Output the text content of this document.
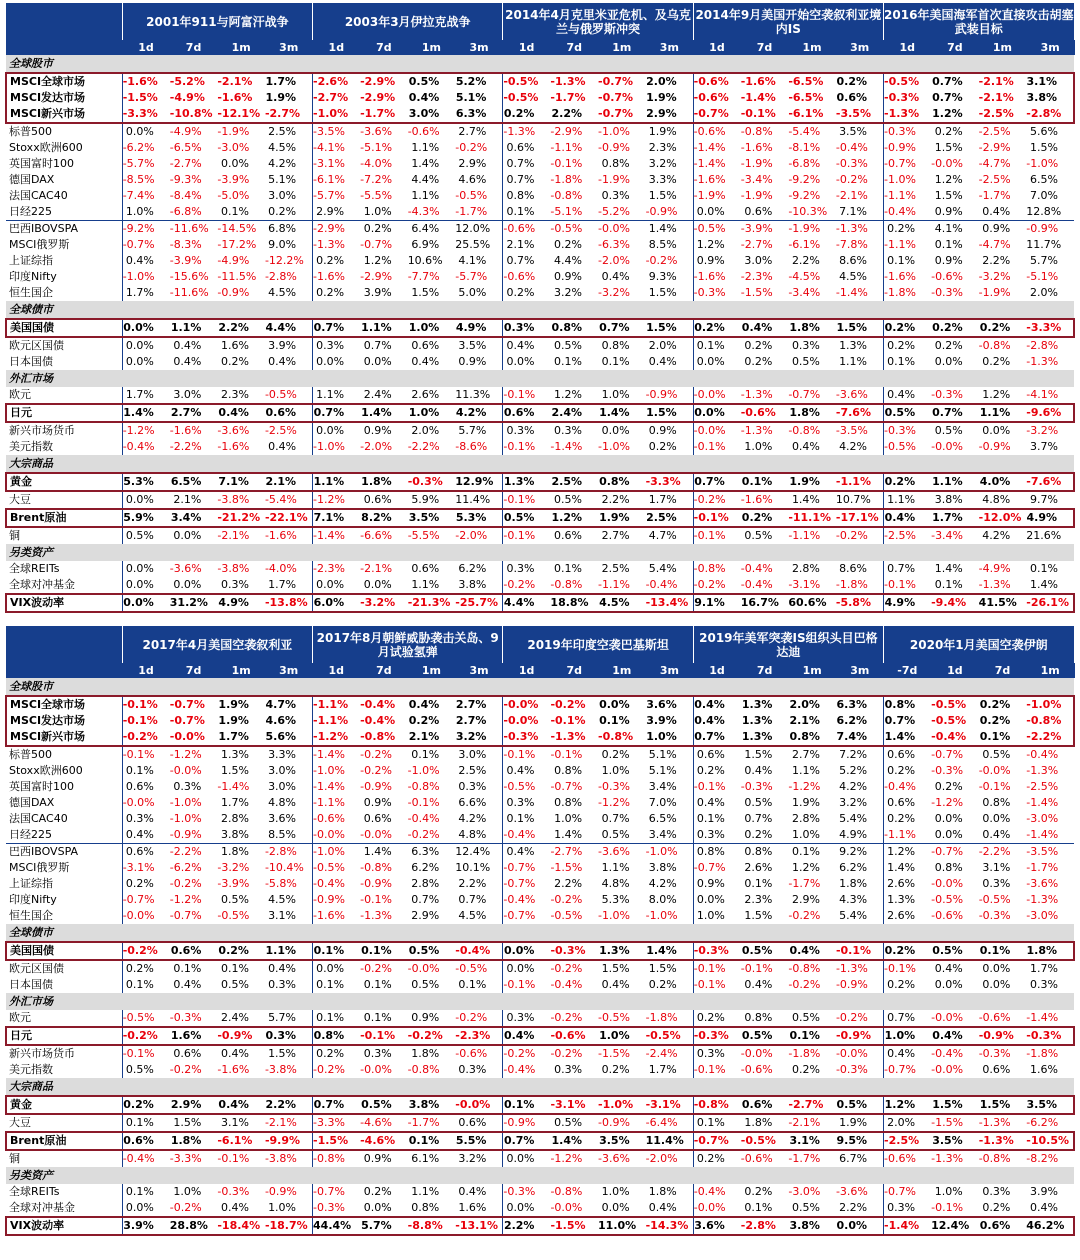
	2001年911与阿富汗战争				2003年3月伊拉克战争				2014年4月克里米亚危机、及乌克兰与俄罗斯冲突				2014年9月美国开始空袭叙利亚境内IS				2016年美国海军首次直接攻击胡塞武装目标			
	1d	7d	1m	3m	1d	7d	1m	3m	1d	7d	1m	3m	1d	7d	1m	3m	1d	7d	1m	3m
全球股市																				
MSCI全球市场	-1.6%	-5.2%	-2.1%	1.7%	-2.6%	-2.9%	0.5%	5.2%	-0.5%	-1.3%	-0.7%	2.0%	-0.6%	-1.6%	-6.5%	0.2%	-0.5%	0.7%	-2.1%	3.1%
MSCI发达市场	-1.5%	-4.9%	-1.6%	1.9%	-2.7%	-2.9%	0.4%	5.1%	-0.5%	-1.7%	-0.7%	1.9%	-0.6%	-1.4%	-6.5%	0.6%	-0.3%	0.7%	-2.1%	3.8%
MSCI新兴市场	-3.3%	-10.8%	-12.1%	-2.7%	-1.0%	-1.7%	3.0%	6.3%	0.2%	2.2%	-0.7%	2.9%	-0.7%	-0.1%	-6.1%	-3.5%	-1.3%	1.2%	-2.5%	-2.8%
标普500	0.0%	-4.9%	-1.9%	2.5%	-3.5%	-3.6%	-0.6%	2.7%	-1.3%	-2.9%	-1.0%	1.9%	-0.6%	-0.8%	-5.4%	3.5%	-0.3%	0.2%	-2.5%	5.6%
Stoxx欧洲600	-6.2%	-6.5%	-3.0%	4.5%	-4.1%	-5.1%	1.1%	-0.2%	0.6%	-1.1%	-0.9%	2.3%	-1.4%	-1.6%	-8.1%	-0.4%	-0.9%	1.5%	-2.9%	1.5%
英国富时100	-5.7%	-2.7%	0.0%	4.2%	-3.1%	-4.0%	1.4%	2.9%	0.7%	-0.1%	0.8%	3.2%	-1.4%	-1.9%	-6.8%	-0.3%	-0.7%	-0.0%	-4.7%	-1.0%
德国DAX	-8.5%	-9.3%	-3.9%	5.1%	-6.1%	-7.2%	4.4%	4.6%	0.7%	-1.8%	-1.9%	3.3%	-1.6%	-3.4%	-9.2%	-0.2%	-1.0%	1.2%	-2.5%	6.5%
法国CAC40	-7.4%	-8.4%	-5.0%	3.0%	-5.7%	-5.5%	1.1%	-0.5%	0.8%	-0.8%	0.3%	1.5%	-1.9%	-1.9%	-9.2%	-2.1%	-1.1%	1.5%	-1.7%	7.0%
日经225	1.0%	-6.8%	0.1%	0.2%	2.9%	1.0%	-4.3%	-1.7%	0.1%	-5.1%	-5.2%	-0.9%	0.0%	0.6%	-10.3%	7.1%	-0.4%	0.9%	0.4%	12.8%
巴西IBOVSPA	-9.2%	-11.6%	-14.5%	6.8%	-2.9%	0.2%	6.4%	12.0%	-0.6%	-0.5%	-0.0%	1.4%	-0.5%	-3.9%	-1.9%	-1.3%	0.2%	4.1%	0.9%	-0.9%
MSCI俄罗斯	-0.7%	-8.3%	-17.2%	9.0%	-1.3%	-0.7%	6.9%	25.5%	2.1%	0.2%	-6.3%	8.5%	1.2%	-2.7%	-6.1%	-7.8%	-1.1%	0.1%	-4.7%	11.7%
上证综指	0.4%	-3.9%	-4.9%	-12.2%	0.2%	1.2%	10.6%	4.1%	0.7%	4.4%	-2.0%	-0.2%	0.9%	3.0%	2.2%	8.6%	0.1%	0.9%	2.2%	5.7%
印度Nifty	-1.0%	-15.6%	-11.5%	-2.8%	-1.6%	-2.9%	-7.7%	-5.7%	-0.6%	0.9%	0.4%	9.3%	-1.6%	-2.3%	-4.5%	4.5%	-1.6%	-0.6%	-3.2%	-5.1%
恒生国企	1.7%	-11.6%	-0.9%	4.5%	0.2%	3.9%	1.5%	5.0%	0.2%	3.2%	-3.2%	1.5%	-0.3%	-1.5%	-3.4%	-1.4%	-1.8%	-0.3%	-1.9%	2.0%
全球债市																				
美国国债	0.0%	1.1%	2.2%	4.4%	0.7%	1.1%	1.0%	4.9%	0.3%	0.8%	0.7%	1.5%	0.2%	0.4%	1.8%	1.5%	0.2%	0.2%	0.2%	-3.3%
欧元区国债	0.0%	0.4%	1.6%	3.9%	0.3%	0.7%	0.6%	3.5%	0.4%	0.5%	0.8%	2.0%	0.1%	0.2%	0.3%	1.3%	0.2%	0.2%	-0.8%	-2.8%
日本国债	0.0%	0.4%	0.2%	0.4%	0.0%	0.0%	0.4%	0.9%	0.0%	0.1%	0.1%	0.4%	0.0%	0.2%	0.5%	1.1%	0.1%	0.0%	0.2%	-1.3%
外汇市场																				
欧元	1.7%	3.0%	2.3%	-0.5%	1.1%	2.4%	2.6%	11.3%	-0.1%	1.2%	1.0%	-0.9%	-0.0%	-1.3%	-0.7%	-3.6%	0.4%	-0.3%	1.2%	-4.1%
日元	1.4%	2.7%	0.4%	0.6%	0.7%	1.4%	1.0%	4.2%	0.6%	2.4%	1.4%	1.5%	0.0%	-0.6%	1.8%	-7.6%	0.5%	0.7%	1.1%	-9.6%
新兴市场货币	-1.2%	-1.6%	-3.6%	-2.5%	0.0%	0.9%	2.0%	5.7%	0.3%	0.3%	0.0%	0.9%	-0.0%	-1.3%	-0.8%	-3.5%	-0.3%	0.5%	0.0%	-3.2%
美元指数	-0.4%	-2.2%	-1.6%	0.4%	-1.0%	-2.0%	-2.2%	-8.6%	-0.1%	-1.4%	-1.0%	0.2%	-0.1%	1.0%	0.4%	4.2%	-0.5%	-0.0%	-0.9%	3.7%
大宗商品																				
黄金	5.3%	6.5%	7.1%	2.1%	1.1%	1.8%	-0.3%	12.9%	1.3%	2.5%	0.8%	-3.3%	0.7%	0.1%	1.9%	-1.1%	0.2%	1.1%	4.0%	-7.6%
大豆	0.0%	2.1%	-3.8%	-5.4%	-1.2%	0.6%	5.9%	11.4%	-0.1%	0.5%	2.2%	1.7%	-0.2%	-1.6%	1.4%	10.7%	1.1%	3.8%	4.8%	9.7%
Brent原油	5.9%	3.4%	-21.2%	-22.1%	7.1%	8.2%	3.5%	5.3%	0.5%	1.2%	1.9%	2.5%	-0.1%	0.2%	-11.1%	-17.1%	0.4%	1.7%	-12.0%	4.9%
铜	0.5%	0.0%	-2.1%	-1.6%	-1.4%	-6.6%	-5.5%	-2.0%	-0.1%	0.6%	2.7%	4.7%	-0.1%	0.5%	-1.1%	-0.2%	-2.5%	-3.4%	4.2%	21.6%
另类资产																				
全球REITs	0.0%	-3.6%	-3.8%	-4.0%	-2.3%	-2.1%	0.6%	6.2%	0.3%	0.1%	2.5%	5.4%	-0.8%	-0.4%	2.8%	8.6%	0.7%	1.4%	-4.9%	0.1%
全球对冲基金	0.0%	0.0%	0.3%	1.7%	0.0%	0.0%	1.1%	3.8%	-0.2%	-0.8%	-1.1%	-0.4%	-0.2%	-0.4%	-3.1%	-1.8%	-0.1%	0.1%	-1.3%	1.4%
VIX波动率	0.0%	31.2%	4.9%	-13.8%	6.0%	-3.2%	-21.3%	-25.7%	4.4%	18.8%	4.5%	-13.4%	9.1%	16.7%	60.6%	-5.8%	4.9%	-9.4%	41.5%	-26.1%
	2017年4月美国空袭叙利亚				2017年8月朝鲜威胁袭击关岛、9月试验氢弹				2019年印度空袭巴基斯坦				2019年美军突袭IS组织头目巴格达迪				2020年1月美国空袭伊朗			
	1d	7d	1m	3m	1d	7d	1m	3m	1d	7d	1m	3m	1d	7d	1m	3m	-7d	1d	7d	1m
全球股市																				
MSCI全球市场	-0.1%	-0.7%	1.9%	4.7%	-1.1%	-0.4%	0.4%	2.7%	-0.0%	-0.2%	0.0%	3.6%	0.4%	1.3%	2.0%	6.3%	0.8%	-0.5%	0.2%	-1.0%
MSCI发达市场	-0.1%	-0.7%	1.9%	4.6%	-1.1%	-0.4%	0.2%	2.7%	-0.0%	-0.1%	0.1%	3.9%	0.4%	1.3%	2.1%	6.2%	0.7%	-0.5%	0.2%	-0.8%
MSCI新兴市场	-0.2%	-0.0%	1.7%	5.6%	-1.2%	-0.8%	2.1%	3.2%	-0.3%	-1.3%	-0.8%	1.0%	0.7%	1.3%	0.8%	7.4%	1.4%	-0.4%	0.1%	-2.2%
标普500	-0.1%	-1.2%	1.3%	3.3%	-1.4%	-0.2%	0.1%	3.0%	-0.1%	-0.1%	0.2%	5.1%	0.6%	1.5%	2.7%	7.2%	0.6%	-0.7%	0.5%	-0.4%
Stoxx欧洲600	0.1%	-0.0%	1.5%	3.0%	-1.0%	-0.2%	-1.0%	2.5%	0.4%	0.8%	1.0%	5.1%	0.2%	0.4%	1.1%	5.2%	0.2%	-0.3%	-0.0%	-1.3%
英国富时100	0.6%	0.3%	-1.4%	3.0%	-1.4%	-0.9%	-0.8%	0.3%	-0.5%	-0.7%	-0.3%	3.4%	-0.1%	-0.3%	-1.2%	4.2%	-0.4%	0.2%	-0.1%	-2.5%
德国DAX	-0.0%	-1.0%	1.7%	4.8%	-1.1%	0.9%	-0.1%	6.6%	0.3%	0.8%	-1.2%	7.0%	0.4%	0.5%	1.9%	3.2%	0.6%	-1.2%	0.8%	-1.4%
法国CAC40	0.3%	-1.0%	2.8%	3.6%	-0.6%	0.6%	-0.4%	4.2%	0.1%	1.0%	0.7%	6.5%	0.1%	0.7%	2.8%	5.4%	0.2%	0.0%	0.0%	-3.0%
日经225	0.4%	-0.9%	3.8%	8.5%	-0.0%	-0.0%	-0.2%	4.8%	-0.4%	1.4%	0.5%	3.4%	0.3%	0.2%	1.0%	4.9%	-1.1%	0.0%	0.4%	-1.4%
巴西IBOVSPA	0.6%	-2.2%	1.8%	-2.8%	-1.0%	1.4%	6.3%	12.4%	0.4%	-2.7%	-3.6%	-1.0%	0.8%	0.8%	0.1%	9.2%	1.2%	-0.7%	-2.2%	-3.5%
MSCI俄罗斯	-3.1%	-6.2%	-3.2%	-10.4%	-0.5%	-0.8%	6.2%	10.1%	-0.7%	-1.5%	1.1%	3.8%	-0.7%	2.6%	1.2%	6.2%	1.4%	0.8%	3.1%	-1.7%
上证综指	0.2%	-0.2%	-3.9%	-5.8%	-0.4%	-0.9%	2.8%	2.2%	-0.7%	2.2%	4.8%	4.2%	0.9%	0.1%	-1.7%	1.8%	2.6%	-0.0%	0.3%	-3.6%
印度Nifty	-0.7%	-1.2%	0.5%	4.5%	-0.9%	-0.1%	0.7%	0.7%	-0.4%	-0.2%	5.3%	8.0%	0.0%	2.3%	2.9%	4.3%	1.3%	-0.5%	-0.5%	-1.3%
恒生国企	-0.0%	-0.7%	-0.5%	3.1%	-1.6%	-1.3%	2.9%	4.5%	-0.7%	-0.5%	-1.0%	-1.0%	1.0%	1.5%	-0.2%	5.4%	2.6%	-0.6%	-0.3%	-3.0%
全球债市																				
美国国债	-0.2%	0.6%	0.2%	1.1%	0.1%	0.1%	0.5%	-0.4%	0.0%	-0.3%	1.3%	1.4%	-0.3%	0.5%	0.4%	-0.1%	0.2%	0.5%	0.1%	1.8%
欧元区国债	0.2%	0.1%	0.1%	0.4%	0.0%	-0.2%	-0.0%	-0.5%	0.0%	-0.2%	1.5%	1.5%	-0.1%	-0.1%	-0.8%	-1.3%	-0.1%	0.4%	0.0%	1.7%
日本国债	0.1%	0.4%	0.5%	0.3%	0.1%	0.1%	0.5%	0.1%	-0.1%	-0.4%	0.4%	0.2%	-0.1%	0.4%	-0.2%	-0.9%	0.2%	0.0%	0.0%	0.3%
外汇市场																				
欧元	-0.5%	-0.3%	2.4%	5.7%	0.1%	0.1%	0.9%	-0.2%	0.3%	-0.2%	-0.5%	-1.8%	0.2%	0.8%	0.5%	-0.2%	0.7%	-0.0%	-0.6%	-1.4%
日元	-0.2%	1.6%	-0.9%	0.3%	0.8%	-0.1%	-0.2%	-2.3%	0.4%	-0.6%	1.0%	-0.5%	-0.3%	0.5%	0.1%	-0.9%	1.0%	0.4%	-0.9%	-0.3%
新兴市场货币	-0.1%	0.6%	0.4%	1.5%	0.2%	0.3%	1.8%	-0.6%	-0.2%	-0.2%	-1.5%	-2.4%	0.3%	-0.0%	-1.8%	-0.0%	0.4%	-0.4%	-0.3%	-1.8%
美元指数	0.5%	-0.2%	-1.6%	-3.8%	-0.2%	-0.0%	-0.8%	0.3%	-0.4%	0.3%	0.2%	1.7%	-0.1%	-0.6%	0.2%	-0.3%	-0.7%	-0.0%	0.6%	1.6%
大宗商品																				
黄金	0.2%	2.9%	0.4%	2.2%	0.7%	0.5%	3.8%	-0.0%	0.1%	-3.1%	-1.0%	-3.1%	-0.8%	0.6%	-2.7%	0.5%	1.2%	1.5%	1.5%	3.5%
大豆	0.1%	1.5%	3.1%	-2.1%	-3.3%	-4.6%	-1.7%	0.6%	-0.9%	0.5%	-0.9%	-6.4%	0.1%	1.8%	-2.1%	1.9%	2.0%	-1.5%	-1.3%	-6.2%
Brent原油	0.6%	1.8%	-6.1%	-9.9%	-1.5%	-4.6%	0.1%	5.5%	0.7%	1.4%	3.5%	11.4%	-0.7%	-0.5%	3.1%	9.5%	-2.5%	3.5%	-1.3%	-10.5%
铜	-0.4%	-3.3%	-0.1%	-3.8%	-0.8%	0.9%	6.1%	3.2%	0.0%	-1.2%	-3.6%	-2.0%	0.2%	-0.6%	-1.7%	6.7%	-0.6%	-1.3%	-0.8%	-8.2%
另类资产																				
全球REITs	0.1%	1.0%	-0.3%	-0.9%	-0.7%	0.2%	1.1%	0.4%	-0.3%	-0.8%	1.0%	1.8%	-0.4%	0.2%	-3.0%	-3.6%	-0.7%	1.0%	0.3%	3.9%
全球对冲基金	0.0%	-0.2%	0.4%	1.0%	-0.3%	0.0%	0.8%	1.6%	0.0%	-0.0%	0.0%	0.4%	-0.0%	0.1%	0.5%	2.2%	0.3%	-0.1%	0.2%	0.4%
VIX波动率	3.9%	28.8%	-18.4%	-18.7%	44.4%	5.7%	-8.8%	-13.1%	2.2%	-1.5%	11.0%	-14.3%	3.6%	-2.8%	3.8%	0.0%	-1.4%	12.4%	0.6%	46.2%
